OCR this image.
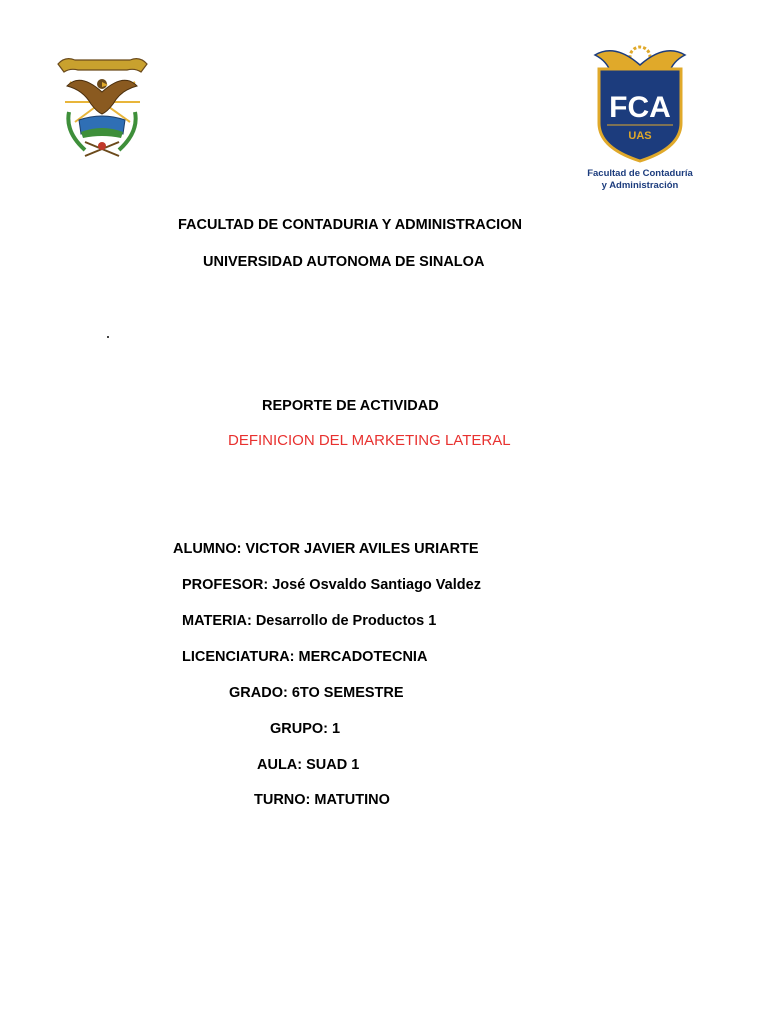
FCA
UAS
Facultad de Contaduría
y Administración
FACULTAD DE CONTADURIA Y ADMINISTRACION
UNIVERSIDAD AUTONOMA DE SINALOA
REPORTE DE ACTIVIDAD
DEFINICION DEL MARKETING LATERAL
ALUMNO: VICTOR JAVIER AVILES URIARTE
PROFESOR: José Osvaldo Santiago Valdez
MATERIA: Desarrollo de Productos 1
LICENCIATURA: MERCADOTECNIA
GRADO: 6TO SEMESTRE
GRUPO: 1
AULA: SUAD 1
TURNO: MATUTINO
